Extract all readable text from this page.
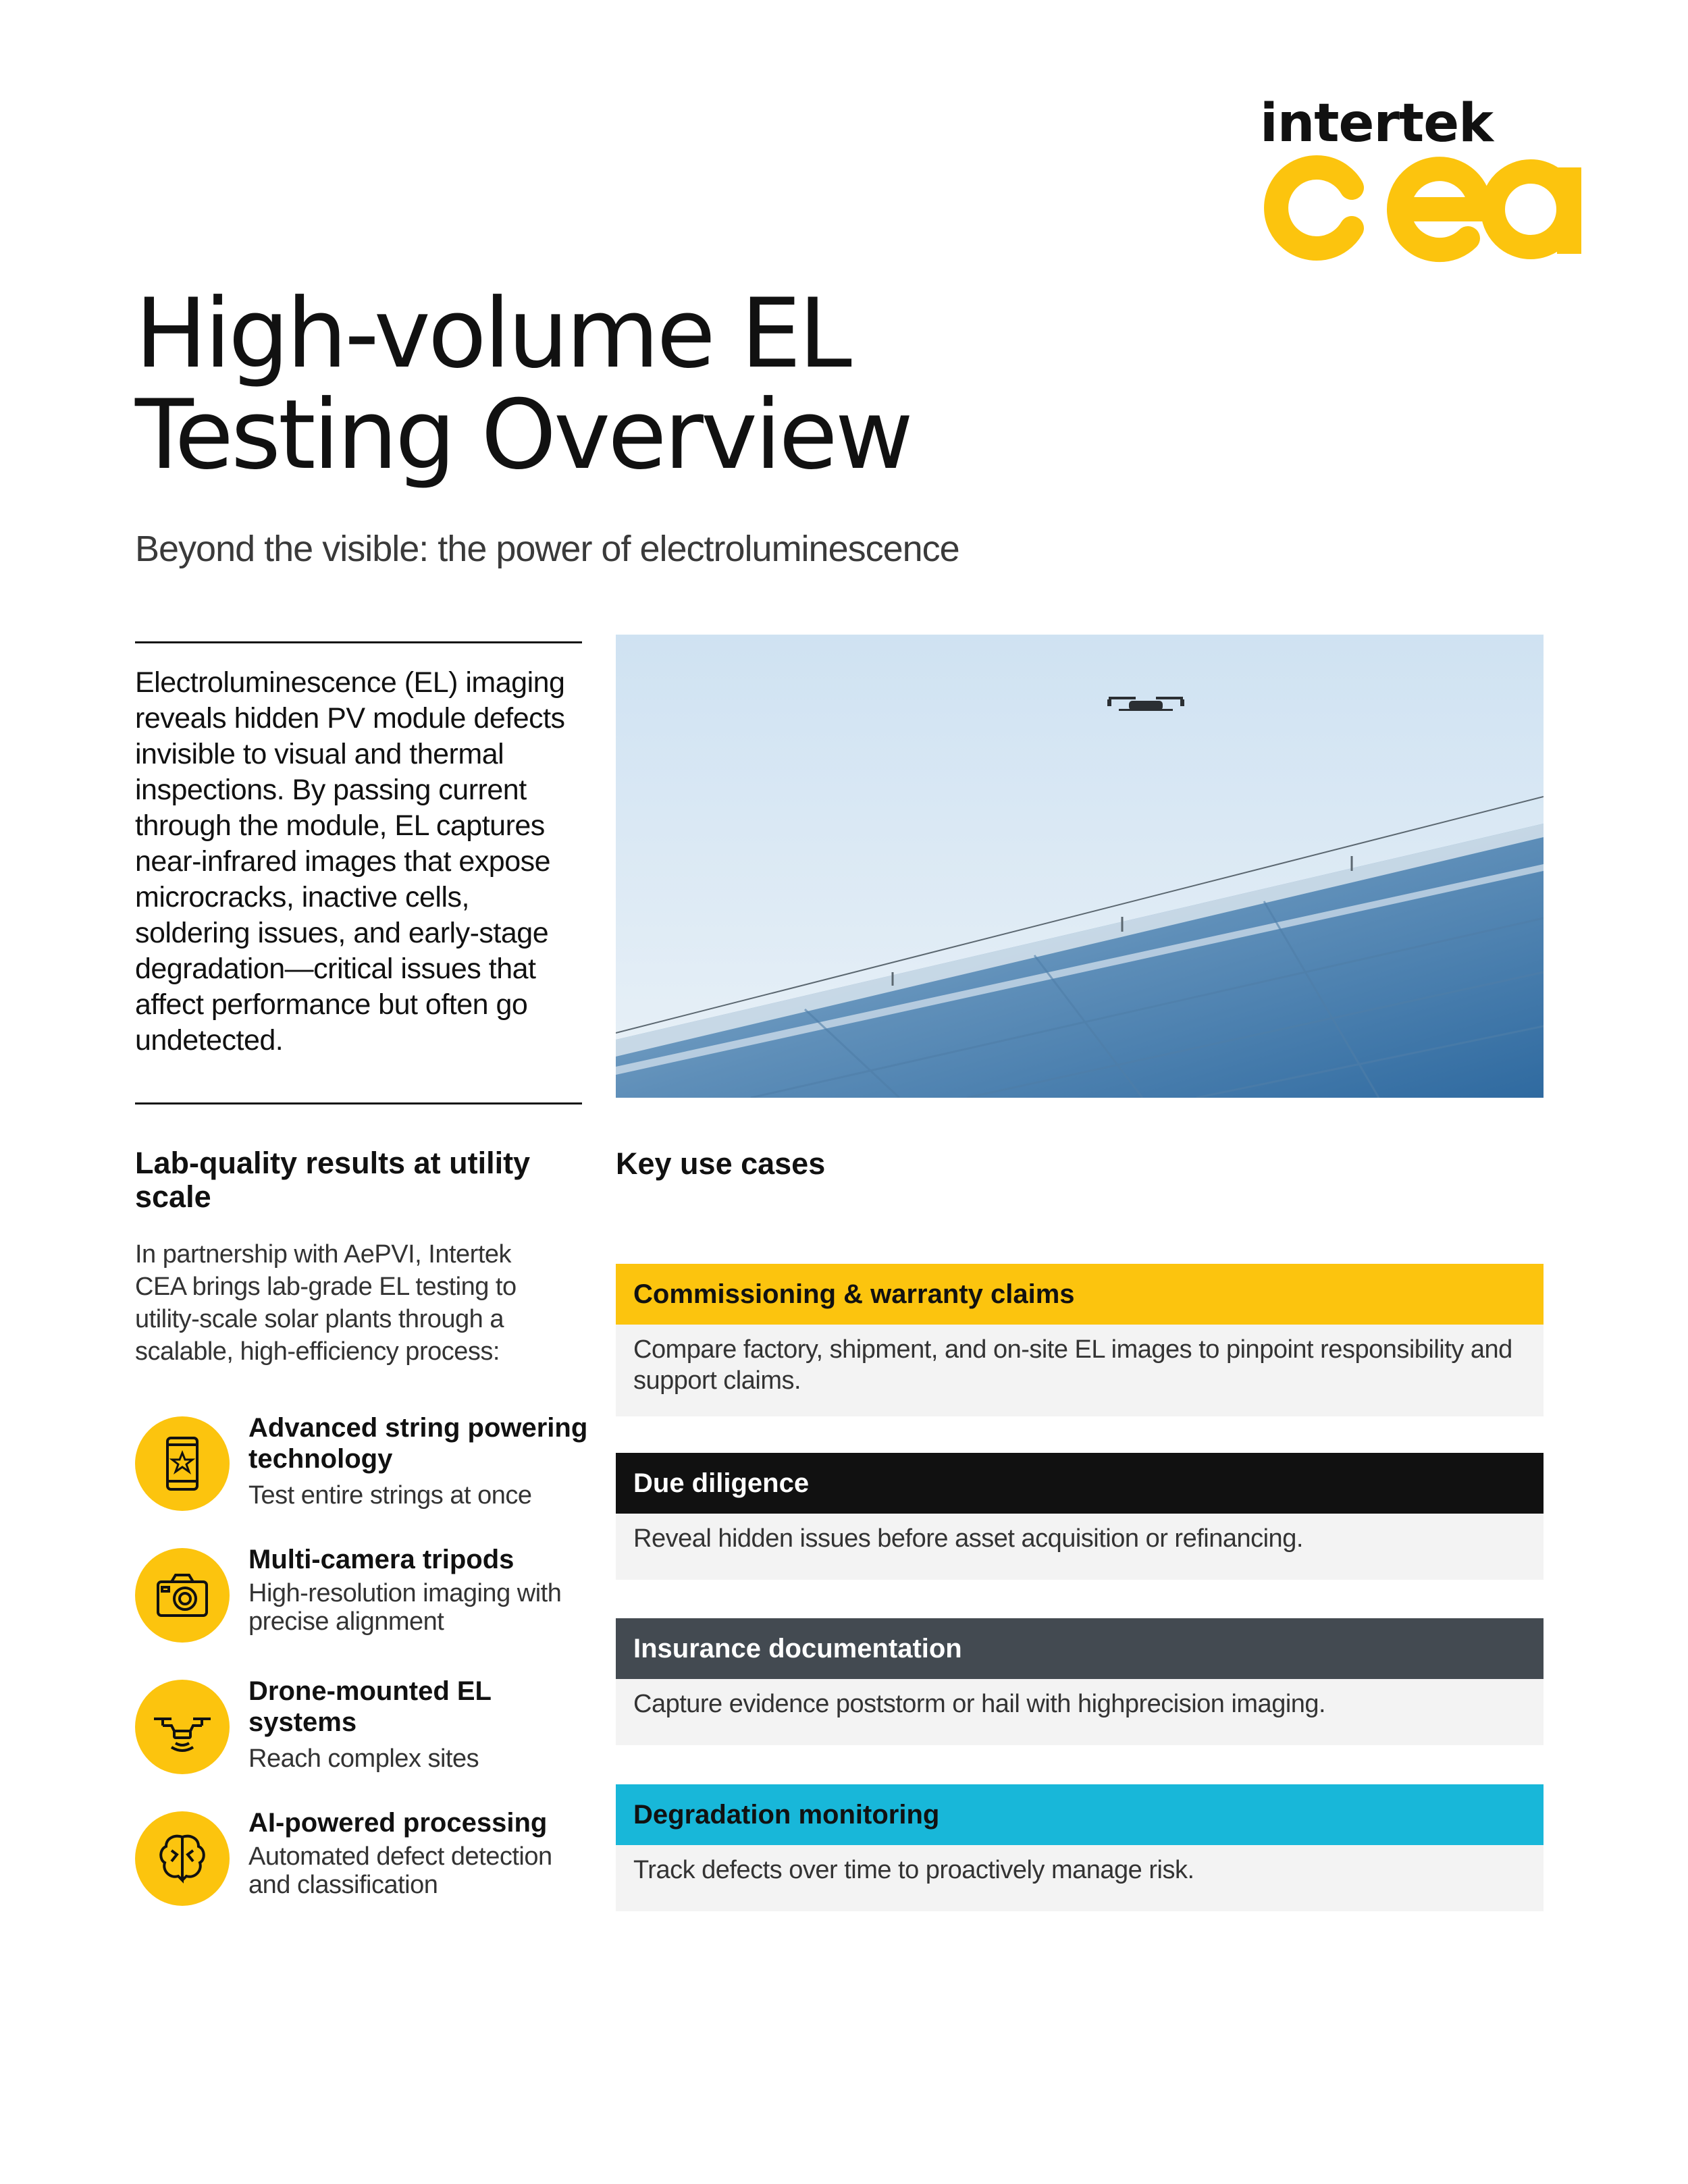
intertek
High-volume EL
Testing Overview

Beyond the visible: the power of electroluminescence

Electroluminescence (EL) imaging reveals hidden PV module defects invisible to visual and thermal inspections. By passing current through the module, EL captures near-infrared images that expose microcracks, inactive cells, soldering issues, and early-stage degradation—critical issues that affect performance but often go undetected.
Lab-quality results at utility scale
In partnership with AePVI, Intertek CEA brings lab-grade EL testing to utility-scale solar plants through a scalable, high-efficiency process:
Advanced string powering technology
Test entire strings at once
Multi-camera tripods
High-resolution imaging with precise alignment
Drone-mounted EL systems
Reach complex sites
AI-powered processing
Automated defect detection and classification
Key use cases
Commissioning & warranty claims
Compare factory, shipment, and on-site EL images to pinpoint responsibility and support claims.
Due diligence
Reveal hidden issues before asset acquisition or refinancing.
Insurance documentation
Capture evidence poststorm or hail with highprecision imaging.
Degradation monitoring
Track defects over time to proactively manage risk.
